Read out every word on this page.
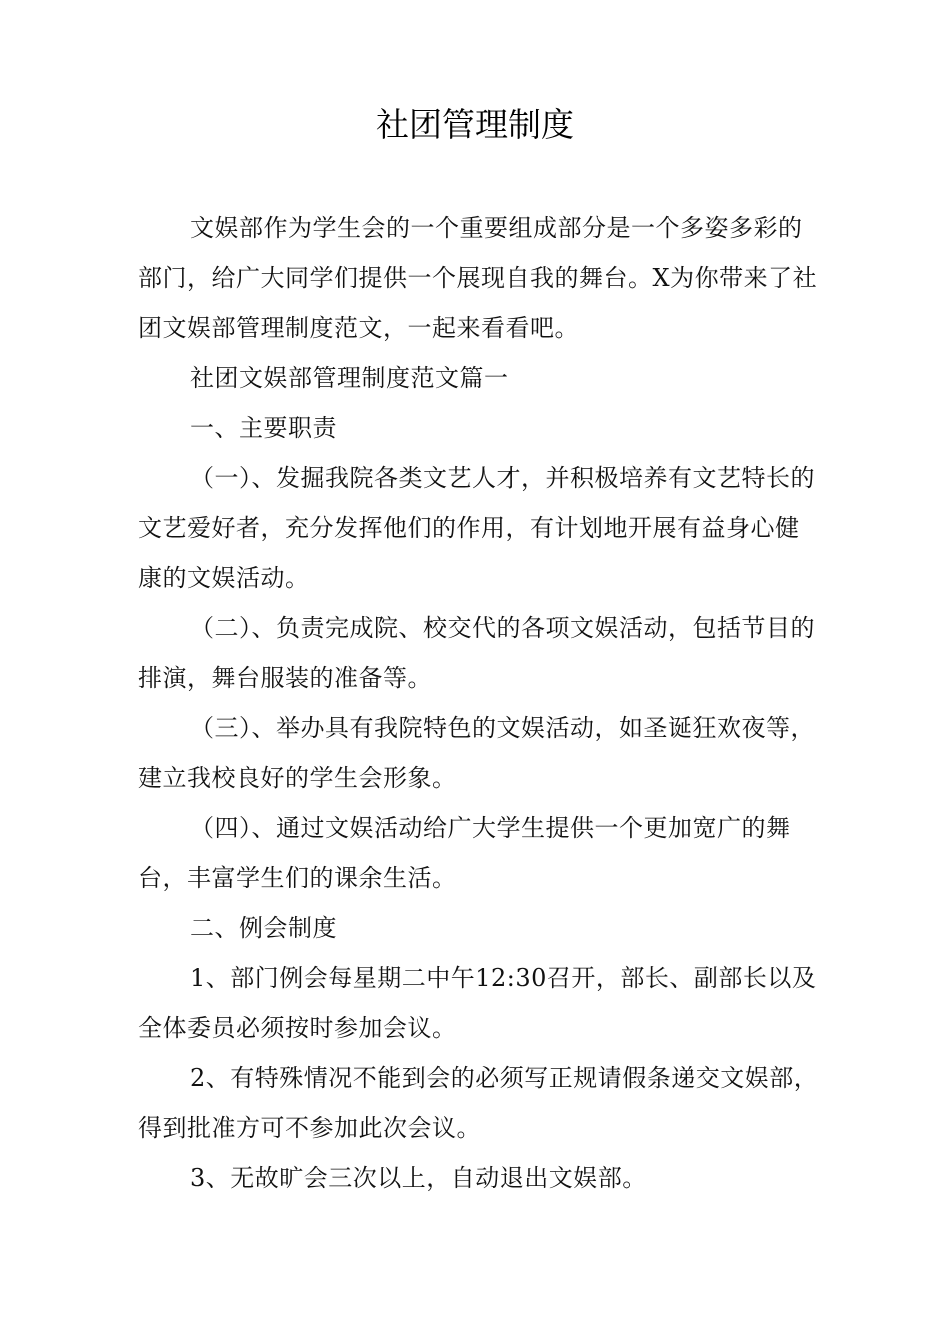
社团管理制度

文娱部作为学生会的一个重要组成部分是一个多姿多彩的部门，给广大同学们提供一个展现自我的舞台。X为你带来了社团文娱部管理制度范文，一起来看看吧。

社团文娱部管理制度范文篇一

一、主要职责

（一）、发掘我院各类文艺人才，并积极培养有文艺特长的文艺爱好者，充分发挥他们的作用，有计划地开展有益身心健康的文娱活动。

（二）、负责完成院、校交代的各项文娱活动，包括节目的排演，舞台服装的准备等。

（三）、举办具有我院特色的文娱活动，如圣诞狂欢夜等，建立我校良好的学生会形象。

（四）、通过文娱活动给广大学生提供一个更加宽广的舞台，丰富学生们的课余生活。

二、例会制度

1、部门例会每星期二中午12:30召开，部长、副部长以及全体委员必须按时参加会议。

2、有特殊情况不能到会的必须写正规请假条递交文娱部，得到批准方可不参加此次会议。

3、无故旷会三次以上，自动退出文娱部。
